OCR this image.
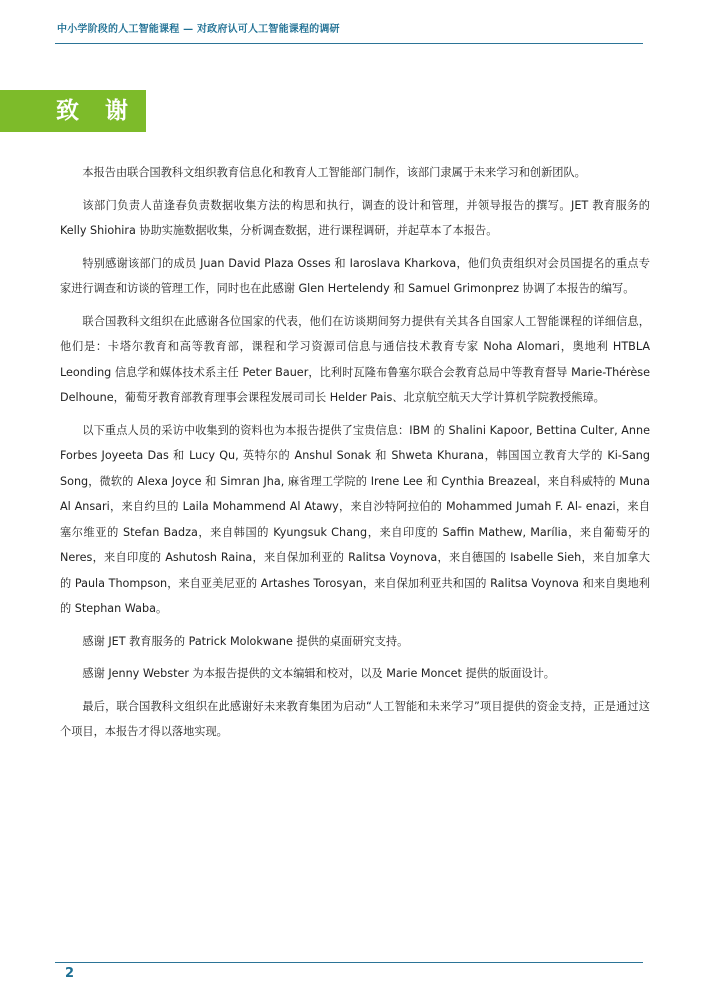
中小学阶段的人工智能课程 — 对政府认可人工智能课程的调研
致 谢

本报告由联合国教科文组织教育信息化和教育人工智能部门制作，该部门隶属于未来学习和创新团队。

该部门负责人苗逢春负责数据收集方法的构思和执行，调查的设计和管理，并领导报告的撰写。JET 教育服务的 Kelly Shiohira 协助实施数据收集，分析调查数据，进行课程调研，并起草本了本报告。

特别感谢该部门的成员 Juan David Plaza Osses 和 Iaroslava Kharkova，他们负责组织对会员国提名的重点专家进行调查和访谈的管理工作，同时也在此感谢 Glen Hertelendy 和 Samuel Grimonprez 协调了本报告的编写。

联合国教科文组织在此感谢各位国家的代表，他们在访谈期间努力提供有关其各自国家人工智能课程的详细信息，他们是：卡塔尔教育和高等教育部，课程和学习资源司信息与通信技术教育专家 Noha Alomari，奥地利 HTBLA Leonding 信息学和媒体技术系主任 Peter Bauer，比利时瓦隆布鲁塞尔联合会教育总局中等教育督导 Marie-Thérèse Delhoune，葡萄牙教育部教育理事会课程发展司司长 Helder Pais、北京航空航天大学计算机学院教授熊璋。

以下重点人员的采访中收集到的资料也为本报告提供了宝贵信息：IBM 的 Shalini Kapoor, Bettina Culter, Anne Forbes Joyeeta Das 和 Lucy Qu, 英特尔的 Anshul Sonak 和 Shweta Khurana，韩国国立教育大学的 Ki-Sang Song，微软的 Alexa Joyce 和 Simran Jha, 麻省理工学院的 Irene Lee 和 Cynthia Breazeal，来自科威特的 Muna Al Ansari，来自约旦的 Laila Mohammend Al Atawy，来自沙特阿拉伯的 Mohammed Jumah F. Al- enazi，来自塞尔维亚的 Stefan Badza，来自韩国的 Kyungsuk Chang，来自印度的 Saffin Mathew, Marília，来自葡萄牙的 Neres，来自印度的 Ashutosh Raina，来自保加利亚的 Ralitsa Voynova，来自德国的 Isabelle Sieh，来自加拿大的 Paula Thompson，来自亚美尼亚的 Artashes Torosyan，来自保加利亚共和国的 Ralitsa Voynova 和来自奥地利的 Stephan Waba。

感谢 JET 教育服务的 Patrick Molokwane 提供的桌面研究支持。

感谢 Jenny Webster 为本报告提供的文本编辑和校对，以及 Marie Moncet 提供的版面设计。

最后，联合国教科文组织在此感谢好未来教育集团为启动“人工智能和未来学习”项目提供的资金支持，正是通过这个项目，本报告才得以落地实现。

2
